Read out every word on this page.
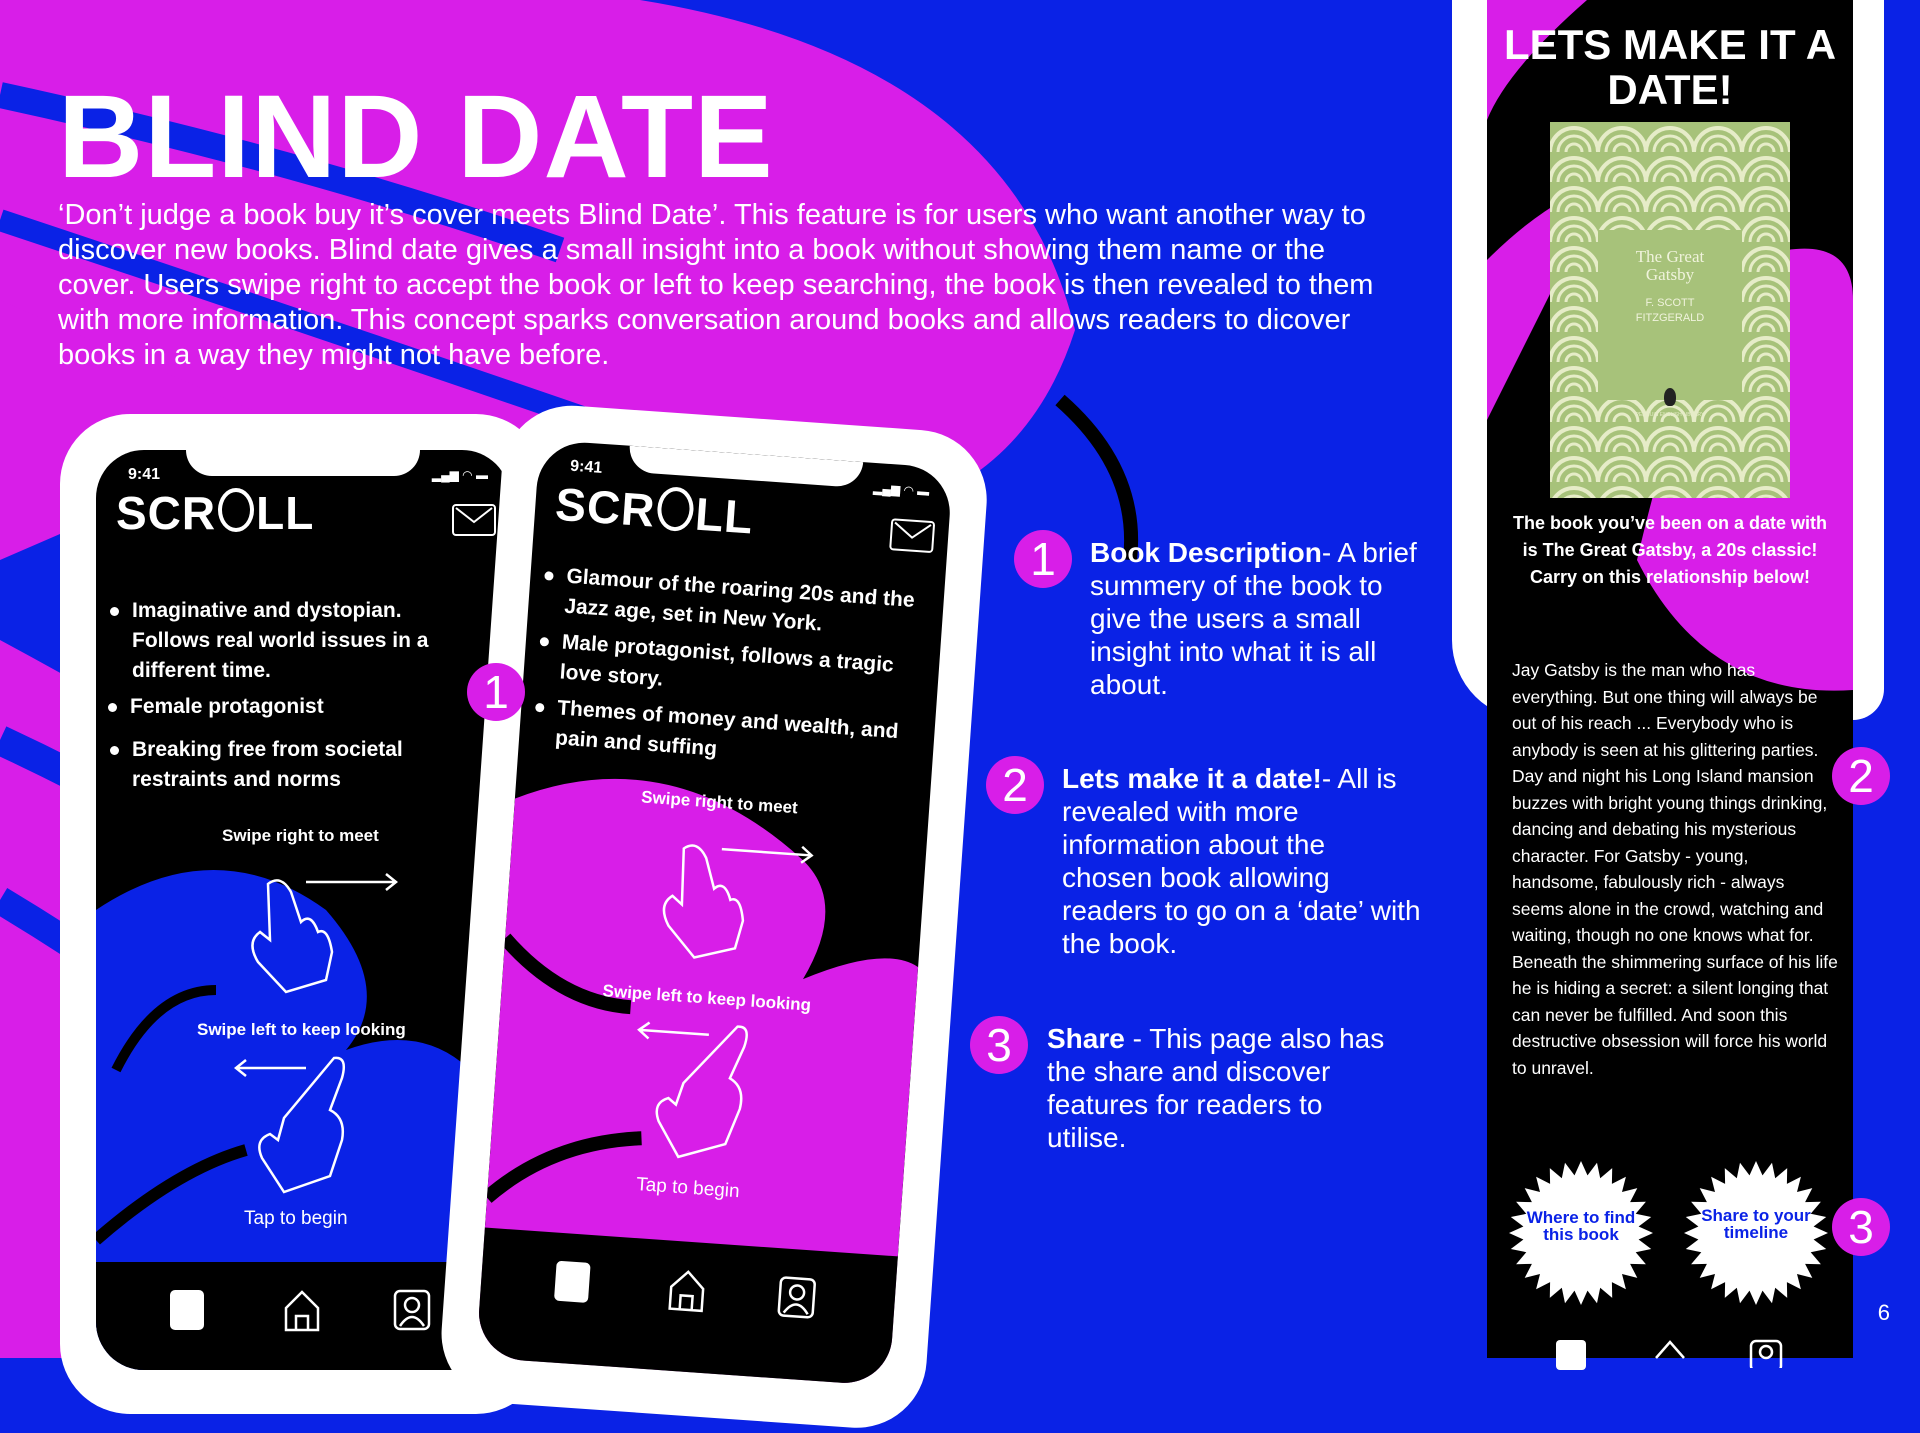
BLIND DATE

‘Don’t judge a book buy it’s cover meets Blind Date’. This feature is for users who want another way to discover new books. Blind date gives a small insight into a book without showing them name or the cover. Users swipe right to accept the book or left to keep searching, the book is then revealed to them with more information. This concept sparks conversation around books and allows readers to dicover books in a way they might not have before.

9:41	▂▄▆ ◠ ▬
SCR LL
Imaginative and dystopian. Follows real world issues in a different time.
Female protagonist
Breaking free from societal restraints and norms
Swipe right to meet
Swipe left to keep looking
Tap to begin
9:41
▂▄▆ ◠ ▬
SCR LL
Glamour of the roaring 20s and the Jazz age, set in New York.
Male protagonist, follows a tragic love story.
Themes of money and wealth, and pain and suffing
Swipe right to meet
Swipe left to keep looking
Tap to begin
1
1	Book Description- A brief summery of the book to give the users a small insight into what it is all about.
2	Lets make it a date!- All is revealed with more information about the chosen book allowing readers to go on a ‘date’ with the book.
3	Share - This page also has the share and discover features for readers to utilise.
LETS MAKE IT A DATE!
The Great Gatsby
F. SCOTT FITZGERALD
PENGUIN ENGLISH LIBRARY
The book you’ve been on a date with is The Great Gatsby, a 20s classic! Carry on this relationship below!
Jay Gatsby is the man who has everything. But one thing will always be out of his reach ... Everybody who is anybody is seen at his glittering parties. Day and night his Long Island mansion buzzes with bright young things drinking, dancing and debating his mysterious character. For Gatsby - young, handsome, fabulously rich - always seems alone in the crowd, watching and waiting, though no one knows what for. Beneath the shimmering surface of his life he is hiding a secret: a silent longing that can never be fulfilled. And soon this destructive obsession will force his world to unravel.
2
Where to find this book
Share to your timeline	3
6
